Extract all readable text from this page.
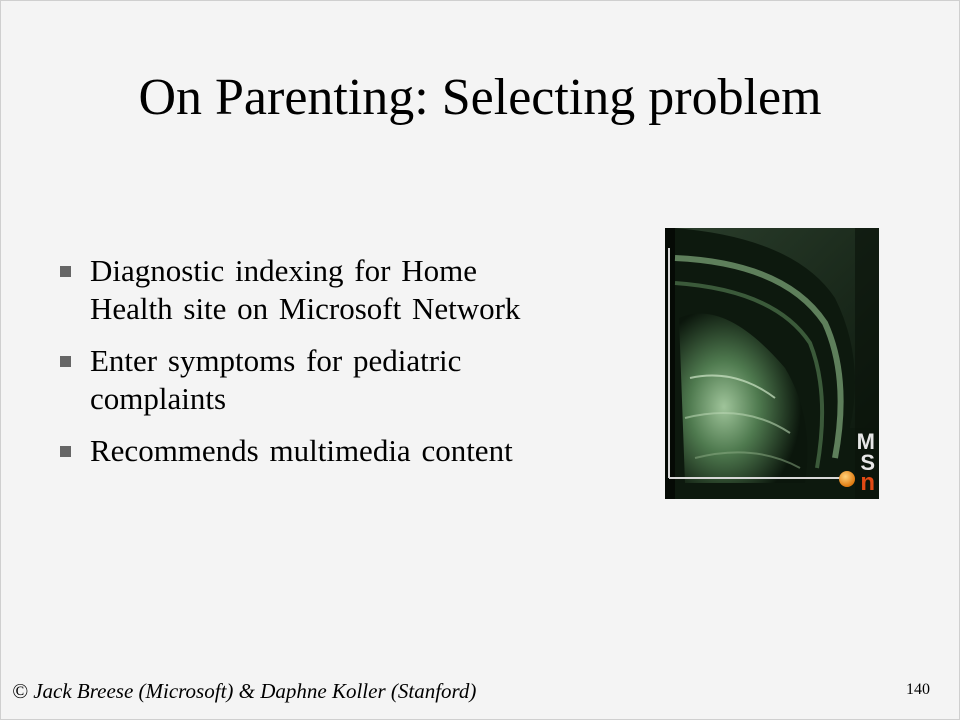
On Parenting: Selecting problem
Diagnostic indexing for Home
Health site on Microsoft Network
Enter symptoms for pediatric
complaints
Recommends multimedia content	M
S
n
© Jack Breese (Microsoft) & Daphne Koller (Stanford)	140
